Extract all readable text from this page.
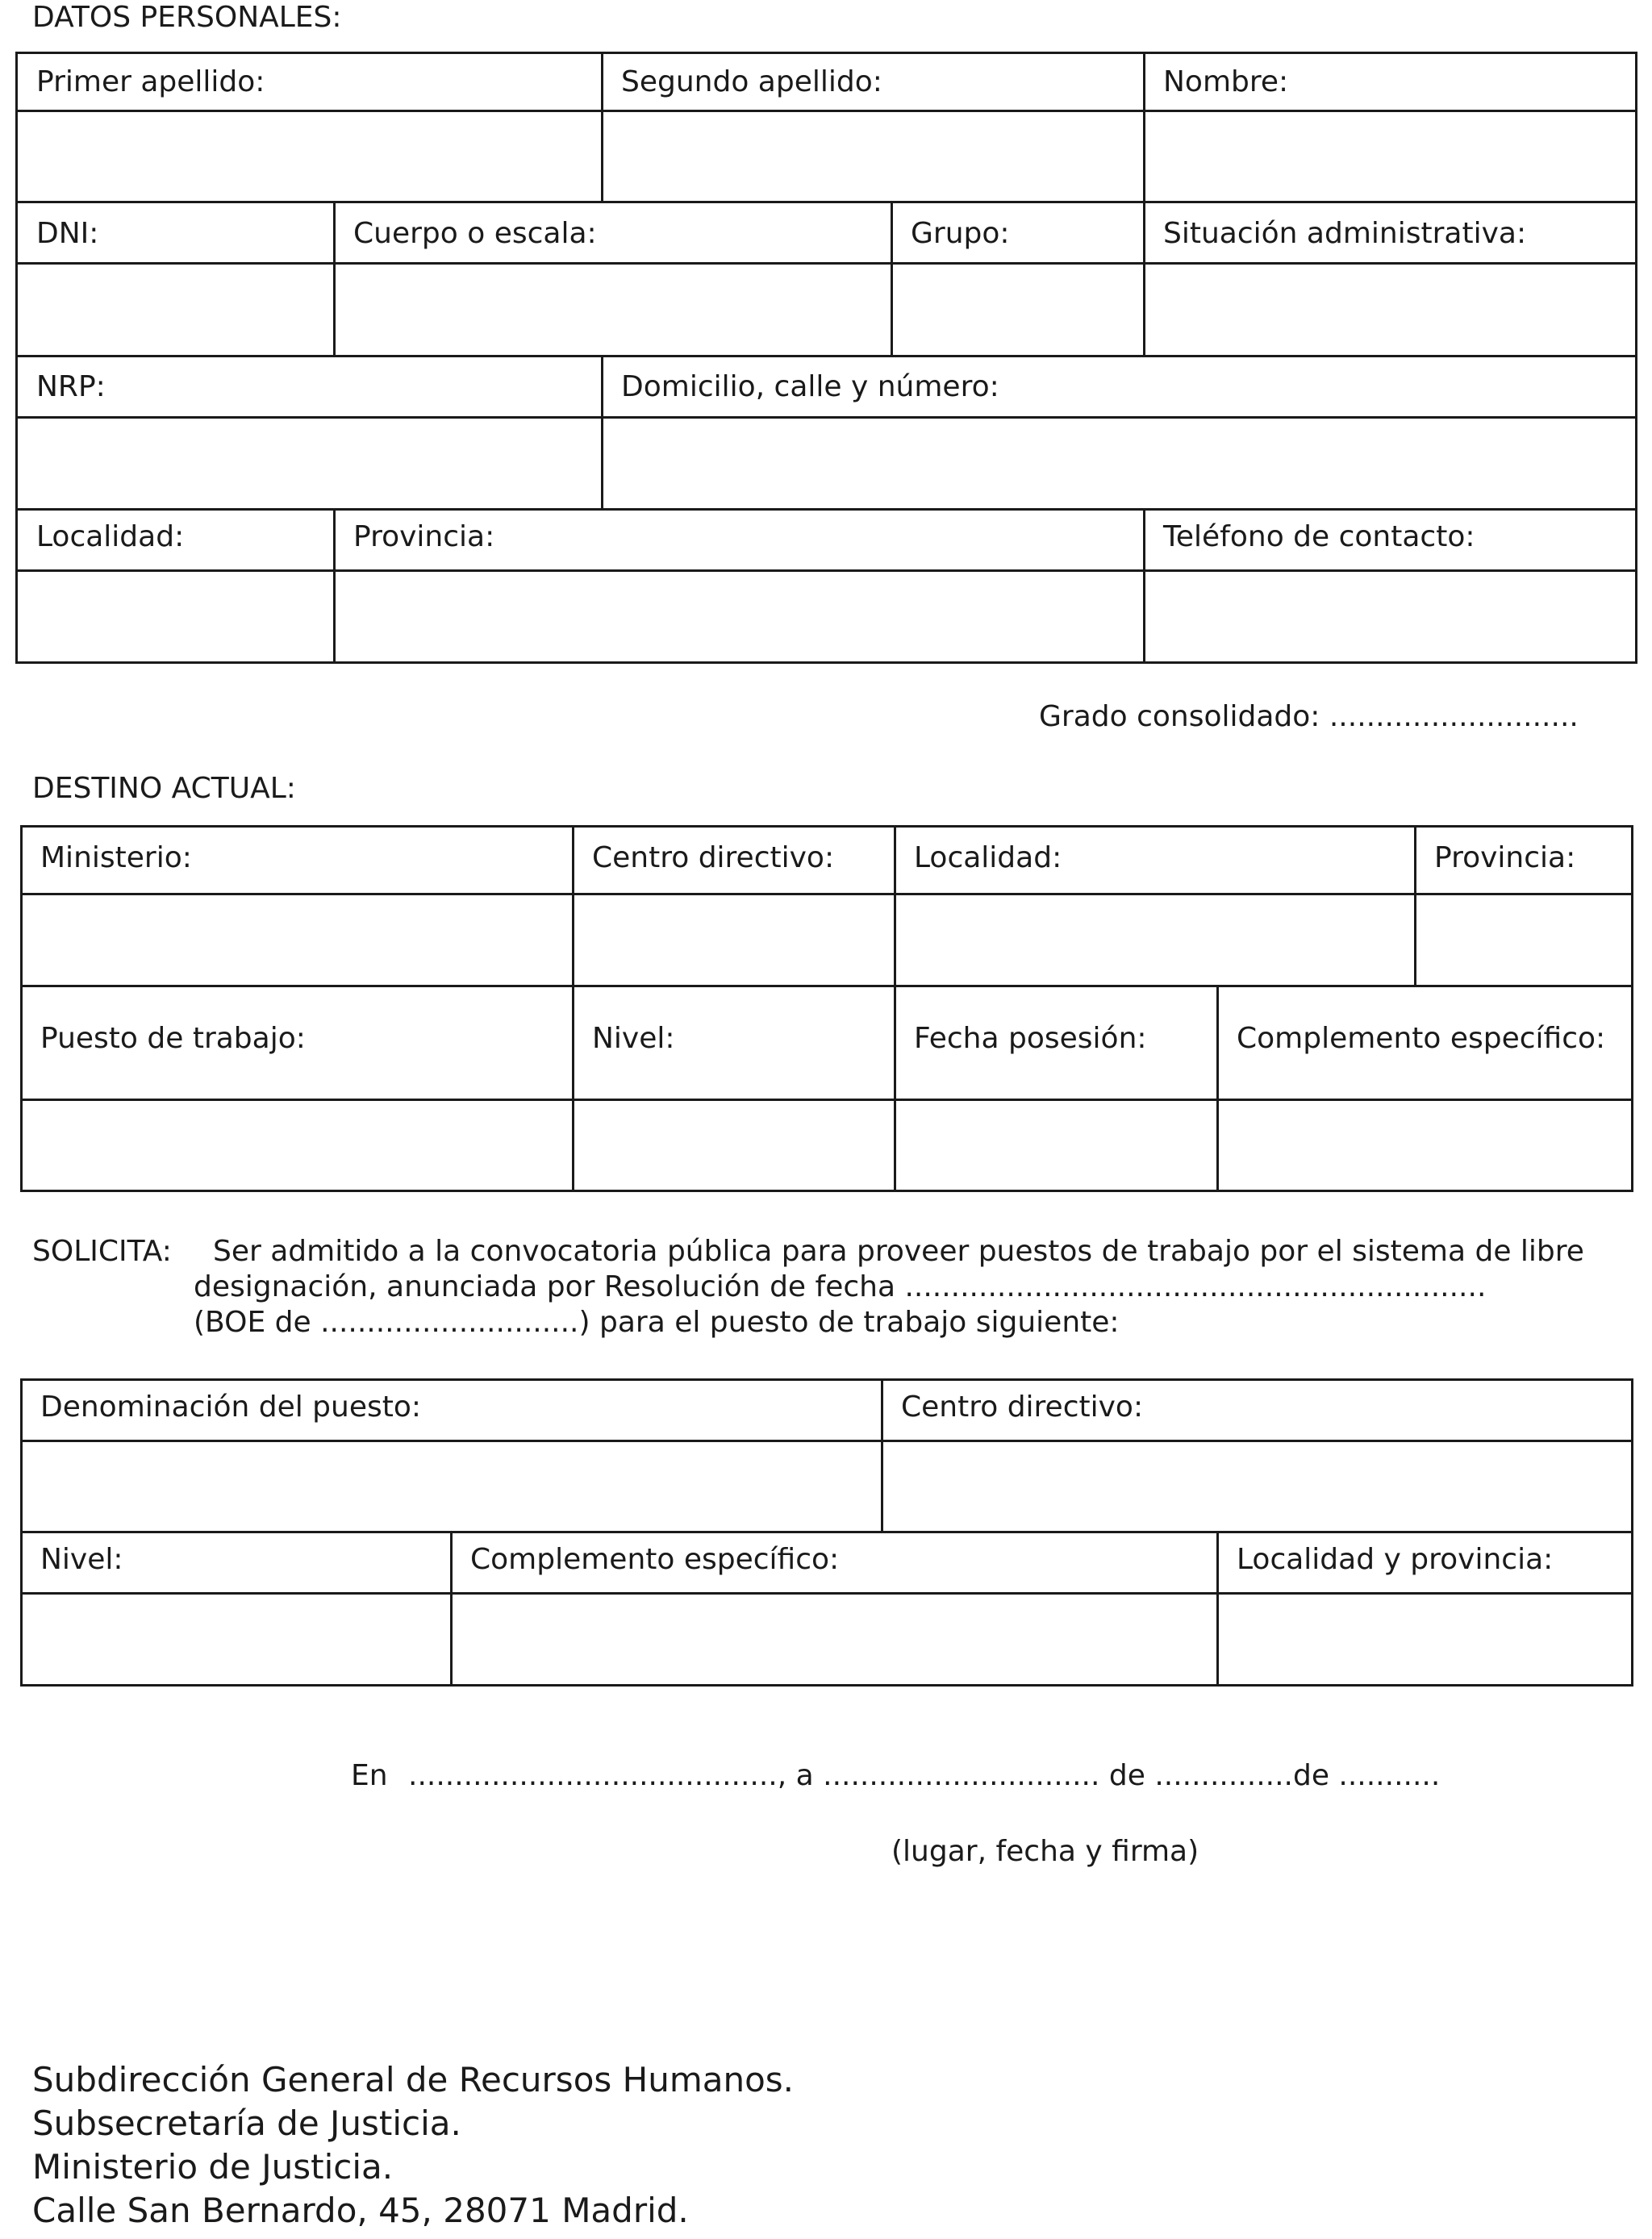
DATOS PERSONALES:
Primer apellido:	Segundo apellido:	Nombre:
DNI:	Cuerpo o escala:	Grupo:	Situación administrativa:
NRP:	Domicilio, calle y número:
Localidad:	Provincia:	Teléfono de contacto:
Grado consolidado: ...........................
DESTINO ACTUAL:
Ministerio:	Centro directivo:	Localidad:	Provincia:
Puesto de trabajo:	Nivel:	Fecha posesión:	Complemento específico:
SOLICITA: Ser admitido a la convocatoria pública para proveer puestos de trabajo por el sistema de libre
designación, anunciada por Resolución de fecha ...............................................................
(BOE de ............................) para el puesto de trabajo siguiente:
Denominación del puesto:	Centro directivo:
Nivel:	Complemento específico:	Localidad y provincia:
En ........................................, a .............................. de ...............de ...........
(lugar, fecha y firma)
Subdirección General de Recursos Humanos.
Subsecretaría de Justicia.
Ministerio de Justicia.
Calle San Bernardo, 45, 28071 Madrid.
